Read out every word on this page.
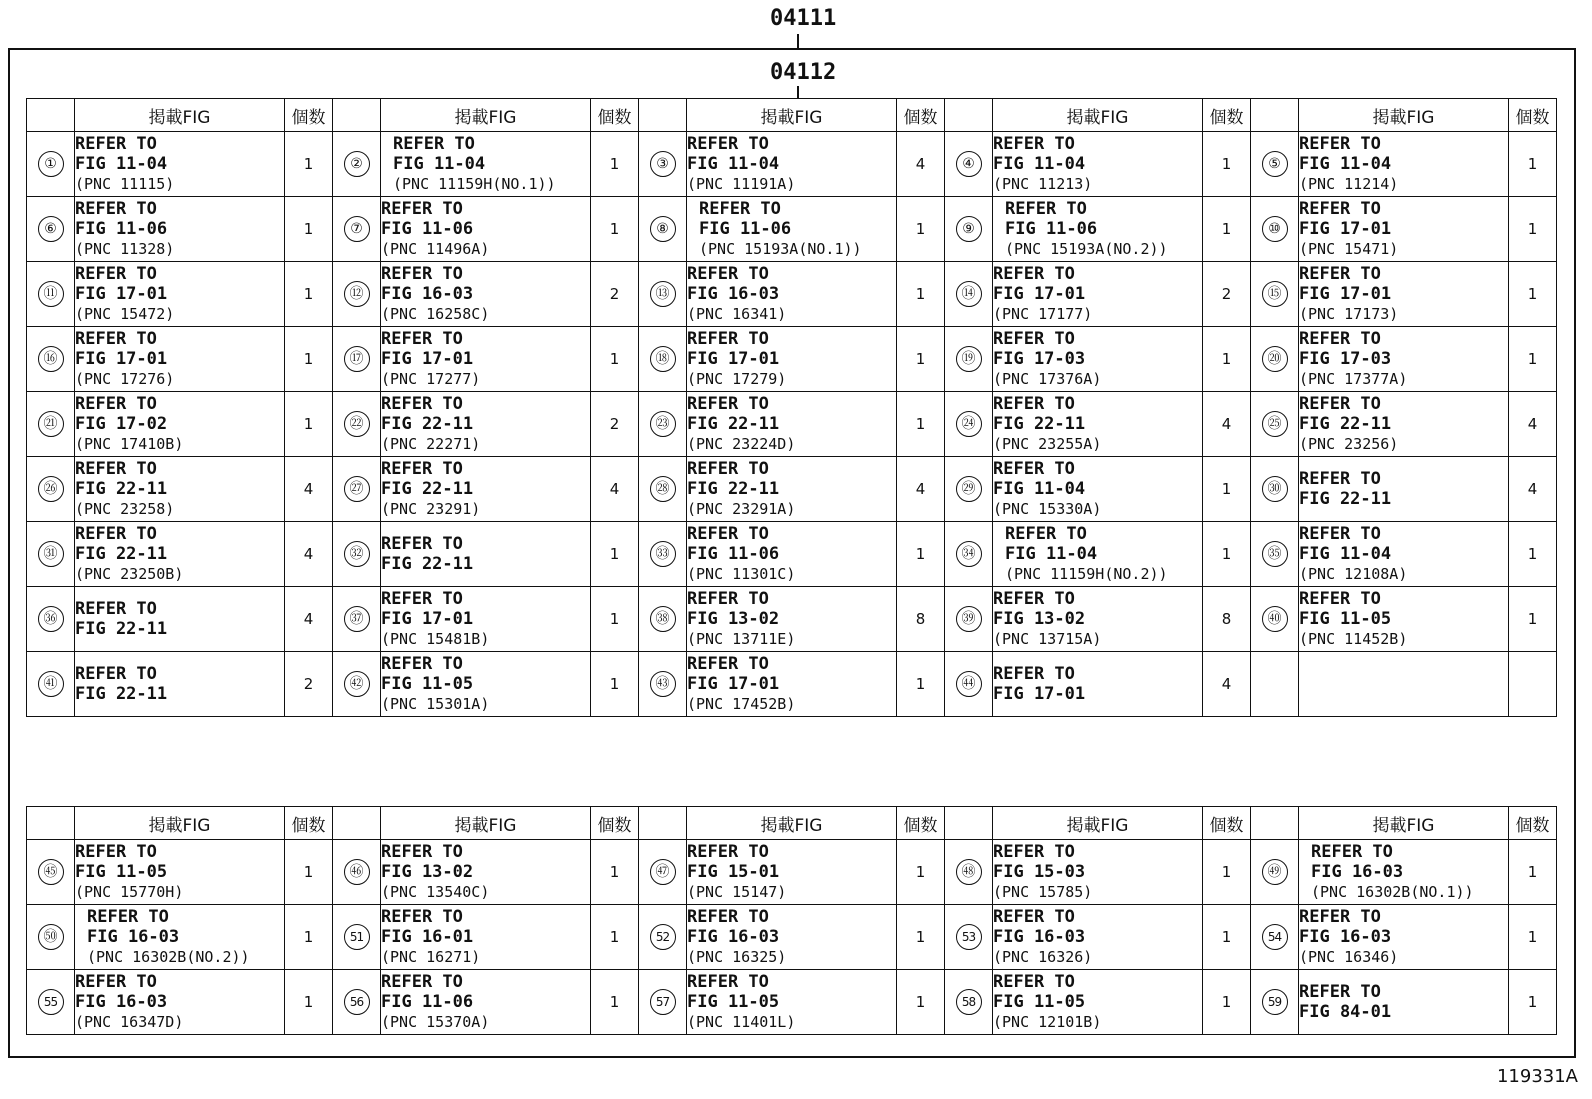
04111
04112
	掲載FIG	個数		掲載FIG	個数		掲載FIG	個数		掲載FIG	個数		掲載FIG	個数
①	REFER TO
FIG 11-04
(PNC 11115)	1	②	REFER TO
FIG 11-04
(PNC 11159H(NO.1))	1	③	REFER TO
FIG 11-04
(PNC 11191A)	4	④	REFER TO
FIG 11-04
(PNC 11213)	1	⑤	REFER TO
FIG 11-04
(PNC 11214)	1
⑥	REFER TO
FIG 11-06
(PNC 11328)	1	⑦	REFER TO
FIG 11-06
(PNC 11496A)	1	⑧	REFER TO
FIG 11-06
(PNC 15193A(NO.1))	1	⑨	REFER TO
FIG 11-06
(PNC 15193A(NO.2))	1	⑩	REFER TO
FIG 17-01
(PNC 15471)	1
⑪	REFER TO
FIG 17-01
(PNC 15472)	1	⑫	REFER TO
FIG 16-03
(PNC 16258C)	2	⑬	REFER TO
FIG 16-03
(PNC 16341)	1	⑭	REFER TO
FIG 17-01
(PNC 17177)	2	⑮	REFER TO
FIG 17-01
(PNC 17173)	1
⑯	REFER TO
FIG 17-01
(PNC 17276)	1	⑰	REFER TO
FIG 17-01
(PNC 17277)	1	⑱	REFER TO
FIG 17-01
(PNC 17279)	1	⑲	REFER TO
FIG 17-03
(PNC 17376A)	1	⑳	REFER TO
FIG 17-03
(PNC 17377A)	1
㉑	REFER TO
FIG 17-02
(PNC 17410B)	1	㉒	REFER TO
FIG 22-11
(PNC 22271)	2	㉓	REFER TO
FIG 22-11
(PNC 23224D)	1	㉔	REFER TO
FIG 22-11
(PNC 23255A)	4	㉕	REFER TO
FIG 22-11
(PNC 23256)	4
㉖	REFER TO
FIG 22-11
(PNC 23258)	4	㉗	REFER TO
FIG 22-11
(PNC 23291)	4	㉘	REFER TO
FIG 22-11
(PNC 23291A)	4	㉙	REFER TO
FIG 11-04
(PNC 15330A)	1	㉚	REFER TO
FIG 22-11	4
㉛	REFER TO
FIG 22-11
(PNC 23250B)	4	㉜	REFER TO
FIG 22-11	1	㉝	REFER TO
FIG 11-06
(PNC 11301C)	1	㉞	REFER TO
FIG 11-04
(PNC 11159H(NO.2))	1	㉟	REFER TO
FIG 11-04
(PNC 12108A)	1
㊱	REFER TO
FIG 22-11	4	㊲	REFER TO
FIG 17-01
(PNC 15481B)	1	㊳	REFER TO
FIG 13-02
(PNC 13711E)	8	㊴	REFER TO
FIG 13-02
(PNC 13715A)	8	㊵	REFER TO
FIG 11-05
(PNC 11452B)	1
㊶	REFER TO
FIG 22-11	2	㊷	REFER TO
FIG 11-05
(PNC 15301A)	1	㊸	REFER TO
FIG 17-01
(PNC 17452B)	1	㊹	REFER TO
FIG 17-01	4			
	掲載FIG	個数		掲載FIG	個数		掲載FIG	個数		掲載FIG	個数		掲載FIG	個数
㊺	REFER TO
FIG 11-05
(PNC 15770H)	1	㊻	REFER TO
FIG 13-02
(PNC 13540C)	1	㊼	REFER TO
FIG 15-01
(PNC 15147)	1	㊽	REFER TO
FIG 15-03
(PNC 15785)	1	㊾	REFER TO
FIG 16-03
(PNC 16302B(NO.1))	1
㊿	REFER TO
FIG 16-03
(PNC 16302B(NO.2))	1	51	REFER TO
FIG 16-01
(PNC 16271)	1	52	REFER TO
FIG 16-03
(PNC 16325)	1	53	REFER TO
FIG 16-03
(PNC 16326)	1	54	REFER TO
FIG 16-03
(PNC 16346)	1
55	REFER TO
FIG 16-03
(PNC 16347D)	1	56	REFER TO
FIG 11-06
(PNC 15370A)	1	57	REFER TO
FIG 11-05
(PNC 11401L)	1	58	REFER TO
FIG 11-05
(PNC 12101B)	1	59	REFER TO
FIG 84-01	1
119331A
